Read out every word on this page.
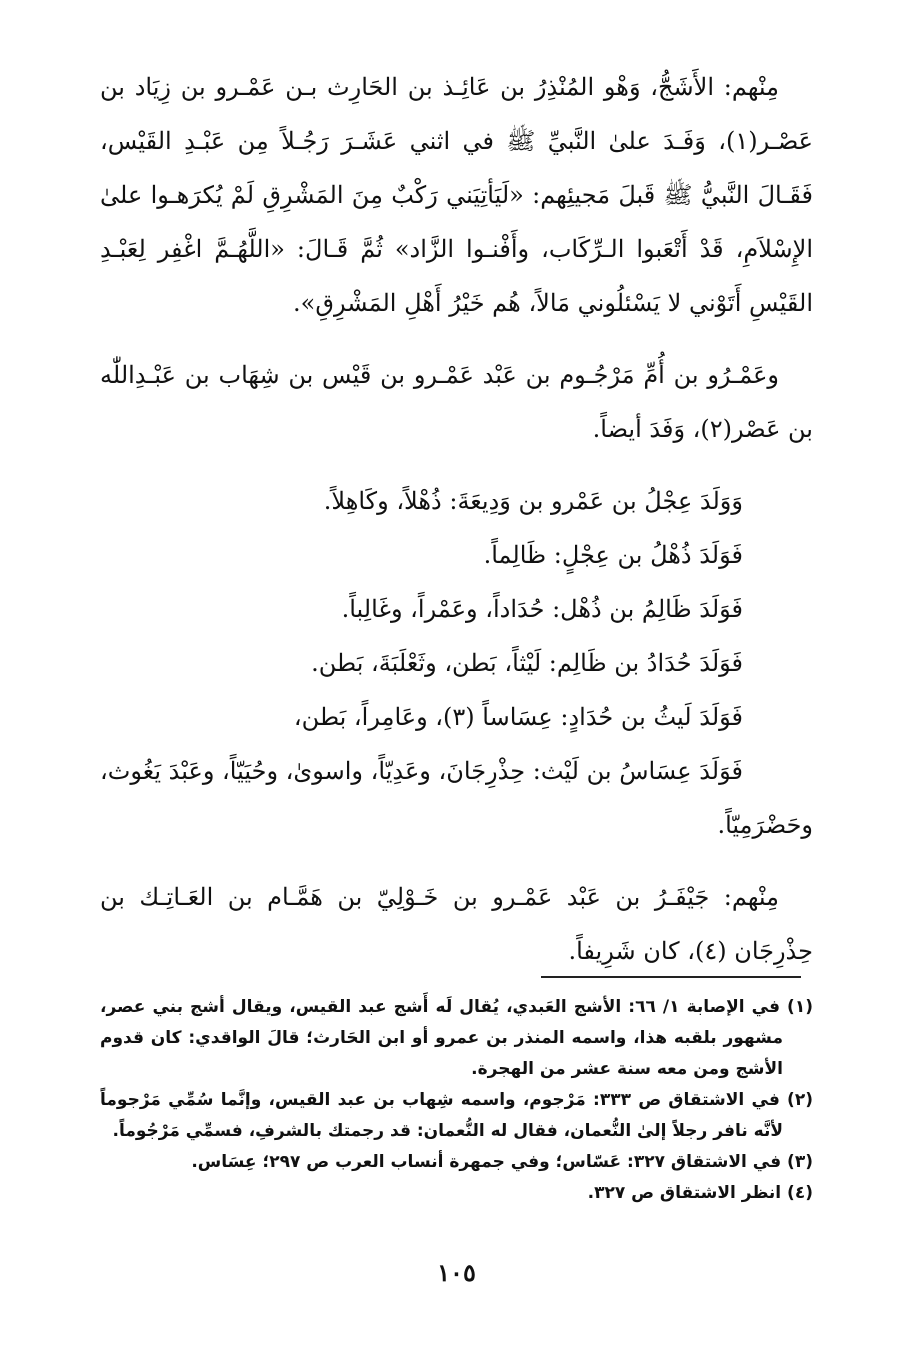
مِنْهم: الأَشَجُّ، وَهْو المُنْذِرُ بن عَائِـذ بن الحَارِث بـن عَمْـرو بن زِيَاد بن عَصْـر(١)، وَفَـدَ علىٰ النَّبيِّ ﷺ في اثني عَشَـرَ رَجُـلاً مِن عَبْـدِ القَيْس، فَقَـالَ النَّبيُّ ﷺ قَبلَ مَجيئِهم: «لَيَأتِيَني رَكْبٌ مِنَ المَشْرِقِ لَمْ يُكرَهـوا علىٰ الإِسْلاَمِ، قَدْ أَتْعَبوا الـرِّكَاب، وأَفْنـوا الزَّاد» ثُمَّ قَـالَ: «اللَّهُـمَّ اغْفِر لِعَبْـدِ القَيْسِ أَتَوْني لا يَسْئلُوني مَالاً، هُم خَيْرُ أَهْلِ المَشْرِقِ».

وعَمْـرُو بن أُمِّ مَرْجُـوم بن عَبْد عَمْـرو بن قَيْس بن شِهَاب بن عَبْـدِاللّٰه بن عَصْر(٢)، وَفَدَ أيضاً.

وَوَلَدَ عِجْلُ بن عَمْرو بن وَدِيعَةَ: ذُهْلاً، وكَاهِلاً.

فَوَلَدَ ذُهْلُ بن عِجْلٍ: ظَالِماً.

فَوَلَدَ ظَالِمُ بن ذُهْل: حُدَاداً، وعَمْراً، وغَالِباً.

فَوَلَدَ حُدَادُ بن ظَالِم: لَيْثاً، بَطن، وثَعْلَبَةَ، بَطن.

فَوَلَدَ لَيثُ بن حُدَادٍ: عِسَاساً (٣)، وعَامِراً، بَطن،

فَوَلَدَ عِسَاسُ بن لَيْث: حِذْرِجَانَ، وعَدِيّاً، واسوىٰ، وحُيَيّاً، وعَبْدَ يَغُوث، وحَضْرَمِيّاً.

مِنْهم: جَيْفَـرُ بن عَبْد عَمْـرو بن خَـوْلِيّ بن هَمَّـام بن العَـاتِـك بن حِذْرِجَان (٤)، كان شَرِيفاً.

(١) في الإصابة ١/ ٦٦: الأشج العَبدي، يُقال لَه أَشج عبد القيس، ويقال أشج بني عصر، مشهور بلقبه هذا، واسمه المنذر بن عمرو أو ابن الحَارث؛ قالَ الواقدي: كان قدوم الأشج ومن معه سنة عشر من الهجرة.

(٢) في الاشتقاق ص ٣٣٣: مَرْجوم، واسمه شِهاب بن عبد القيس، وإنَّما سُمِّي مَرْجوماً لأنَّه نافر رجلاً إلىٰ النُّعمان، فقال له النُّعمان: قد رجمتك بالشرفِ، فسمِّي مَرْجُوماً.

(٣) في الاشتقاق ٣٢٧: عَسّاس؛ وفي جمهرة أنساب العرب ص ٢٩٧؛ عِسَاس.

(٤) انظر الاشتقاق ص ٣٢٧.

١٠٥
